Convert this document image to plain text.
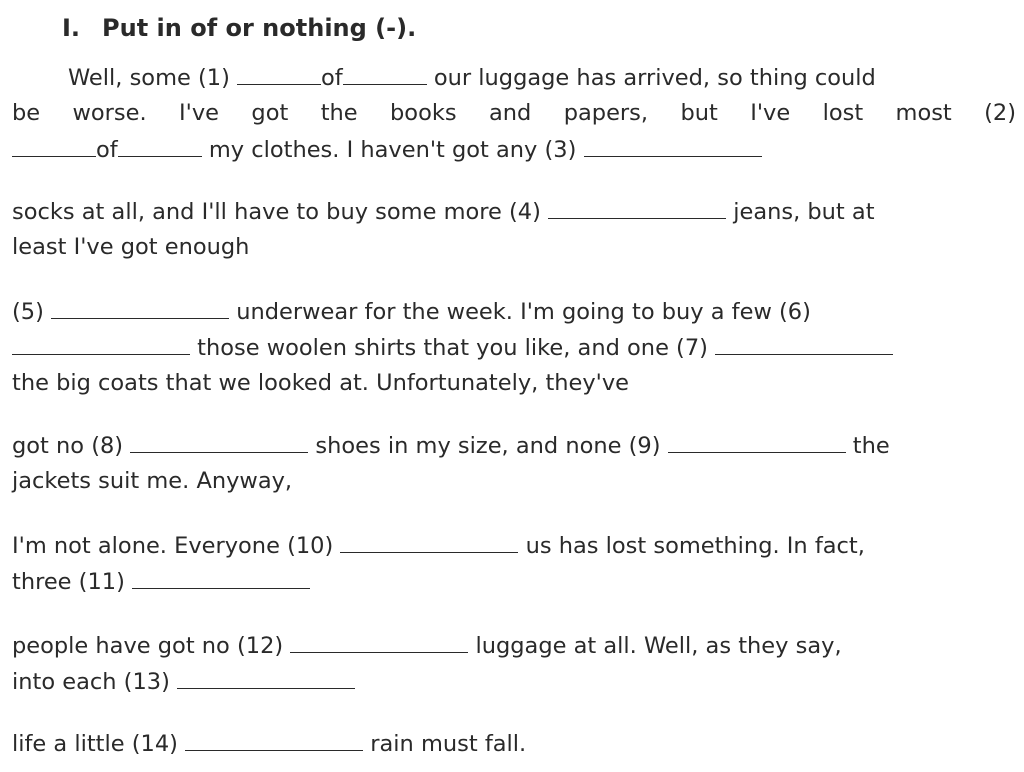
I. Put in of or nothing (-).
Well, some (1)	of	our luggage has arrived, so thing could
be worse. I've got the books and papers, but I've lost most (2)
of	my clothes. I haven't got any (3)
socks at all, and I'll have to buy some more (4)	jeans, but at
least I've got enough
(5)	underwear for the week. I'm going to buy a few (6)
those woolen shirts that you like, and one (7)
the big coats that we looked at. Unfortunately, they've
got no (8)	shoes in my size, and none (9)	the
jackets suit me. Anyway,
I'm not alone. Everyone (10)	us has lost something. In fact,
three (11)
people have got no (12)	luggage at all. Well, as they say,
into each (13)
life a little (14)	rain must fall.
